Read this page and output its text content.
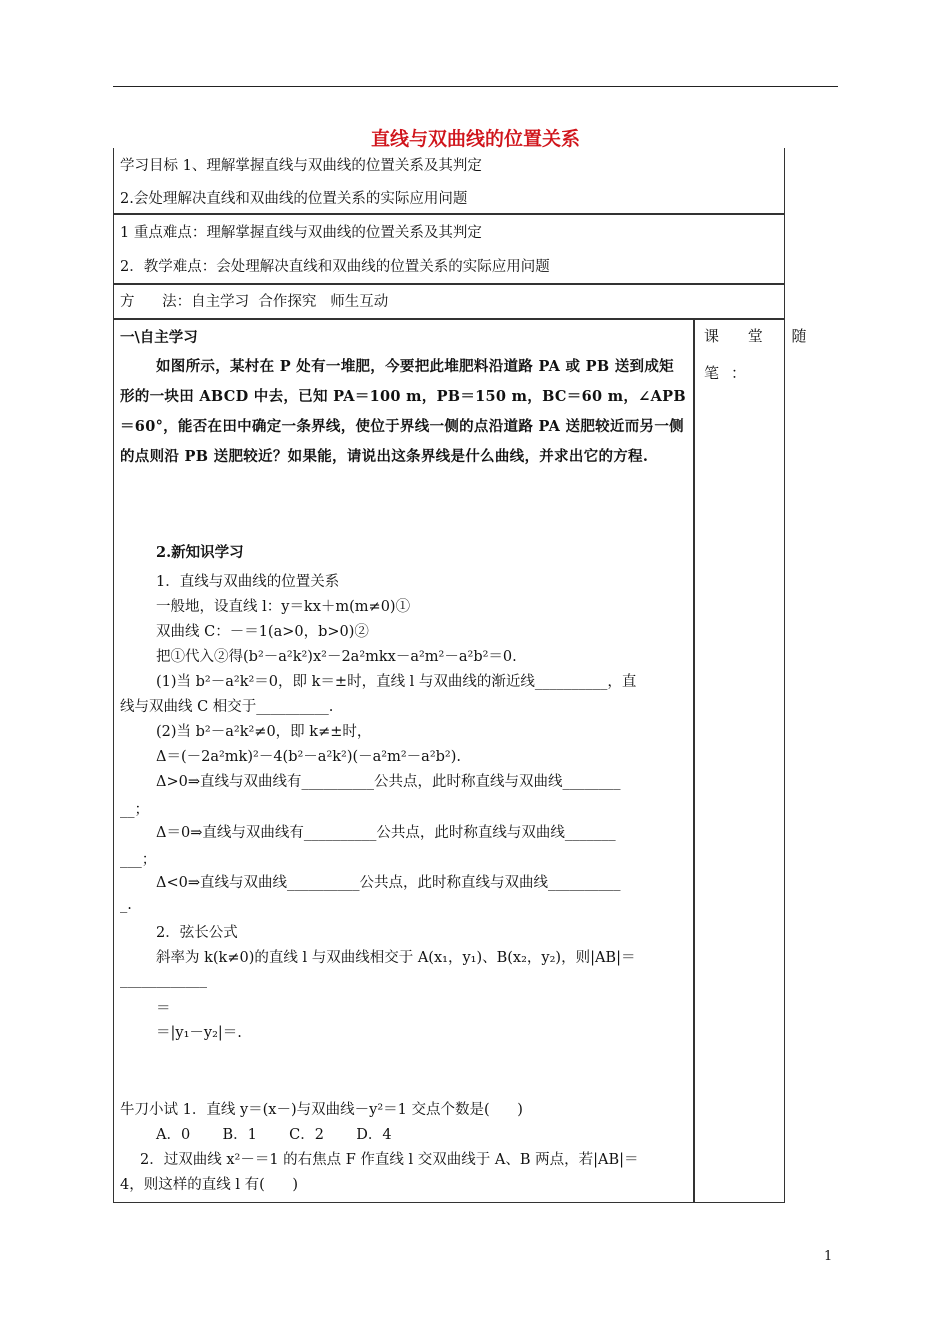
直线与双曲线的位置关系
学习目标 1、理解掌握直线与双曲线的位置关系及其判定
2.会处理解决直线和双曲线的位置关系的实际应用问题
1 重点难点：理解掌握直线与双曲线的位置关系及其判定
2．教学难点：会处理解决直线和双曲线的位置关系的实际应用问题
方      法：自主学习  合作探究   师生互动
课 堂 随
笔：
一\自主学习
如图所示，某村在 P 处有一堆肥，今要把此堆肥料沿道路 PA 或 PB 送到成矩形的一块田 ABCD 中去，已知 PA＝100 m，PB＝150 m，BC＝60 m，∠APB＝60°，能否在田中确定一条界线，使位于界线一侧的点沿道路 PA 送肥较近而另一侧的点则沿 PB 送肥较近？如果能，请说出这条界线是什么曲线，并求出它的方程.
2.新知识学习
1．直线与双曲线的位置关系
一般地，设直线 l：y＝kx＋m(m≠0)①
双曲线 C：－＝1(a>0，b>0)②
把①代入②得(b²－a²k²)x²－2a²mkx－a²m²－a²b²＝0.
(1)当 b²－a²k²＝0，即 k＝±时，直线 l 与双曲线的渐近线__________，直
线与双曲线 C 相交于__________.
(2)当 b²－a²k²≠0，即 k≠±时，
Δ＝(－2a²mk)²－4(b²－a²k²)(－a²m²－a²b²).
Δ>0⇒直线与双曲线有__________公共点，此时称直线与双曲线________
__；
Δ＝0⇒直线与双曲线有__________公共点，此时称直线与双曲线_______
___；
Δ<0⇒直线与双曲线__________公共点，此时称直线与双曲线__________
_.
2．弦长公式
斜率为 k(k≠0)的直线 l 与双曲线相交于 A(x₁，y₁)、B(x₂，y₂)，则|AB|＝
____________
＝
＝|y₁－y₂|＝.
牛刀小试 1．直线 y＝(x－)与双曲线－y²＝1 交点个数是(      )
A．0       B．1       C．2       D．4
2．过双曲线 x²－＝1 的右焦点 F 作直线 l 交双曲线于 A、B 两点，若|AB|＝
4，则这样的直线 l 有(      )
1
